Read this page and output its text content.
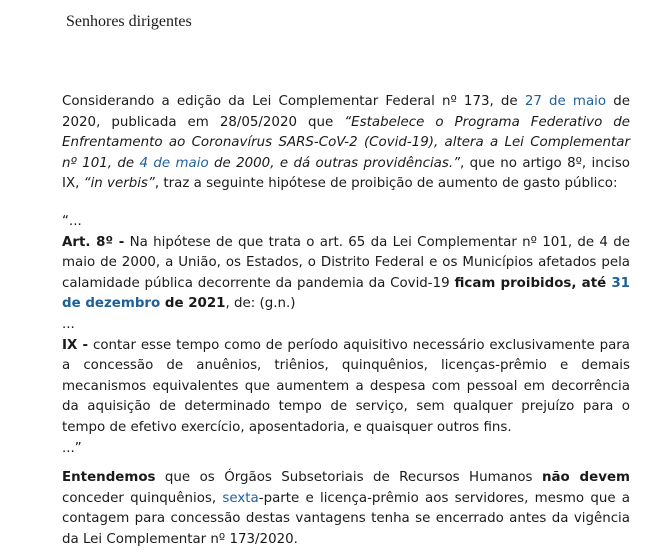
Senhores dirigentes

Considerando a edição da Lei Complementar Federal nº 173, de 27 de maio de 2020, publicada em 28/05/2020 que “Estabelece o Programa Federativo de Enfrentamento ao Coronavírus SARS-CoV-2 (Covid-19), altera a Lei Complementar nº 101, de 4 de maio de 2000, e dá outras providências.”, que no artigo 8º, inciso IX, “in verbis”, traz a seguinte hipótese de proibição de aumento de gasto público:

“...
Art. 8º - Na hipótese de que trata o art. 65 da Lei Complementar nº 101, de 4 de maio de 2000, a União, os Estados, o Distrito Federal e os Municípios afetados pela calamidade pública decorrente da pandemia da Covid-19 ficam proibidos, até 31 de dezembro de 2021, de: (g.n.)
...
IX - contar esse tempo como de período aquisitivo necessário exclusivamente para a concessão de anuênios, triênios, quinquênios, licenças-prêmio e demais mecanismos equivalentes que aumentem a despesa com pessoal em decorrência da aquisição de determinado tempo de serviço, sem qualquer prejuízo para o tempo de efetivo exercício, aposentadoria, e quaisquer outros fins.
...”

Entendemos que os Órgãos Subsetoriais de Recursos Humanos não devem conceder quinquênios, sexta-parte e licença-prêmio aos servidores, mesmo que a contagem para concessão destas vantagens tenha se encerrado antes da vigência da Lei Complementar nº 173/2020.
